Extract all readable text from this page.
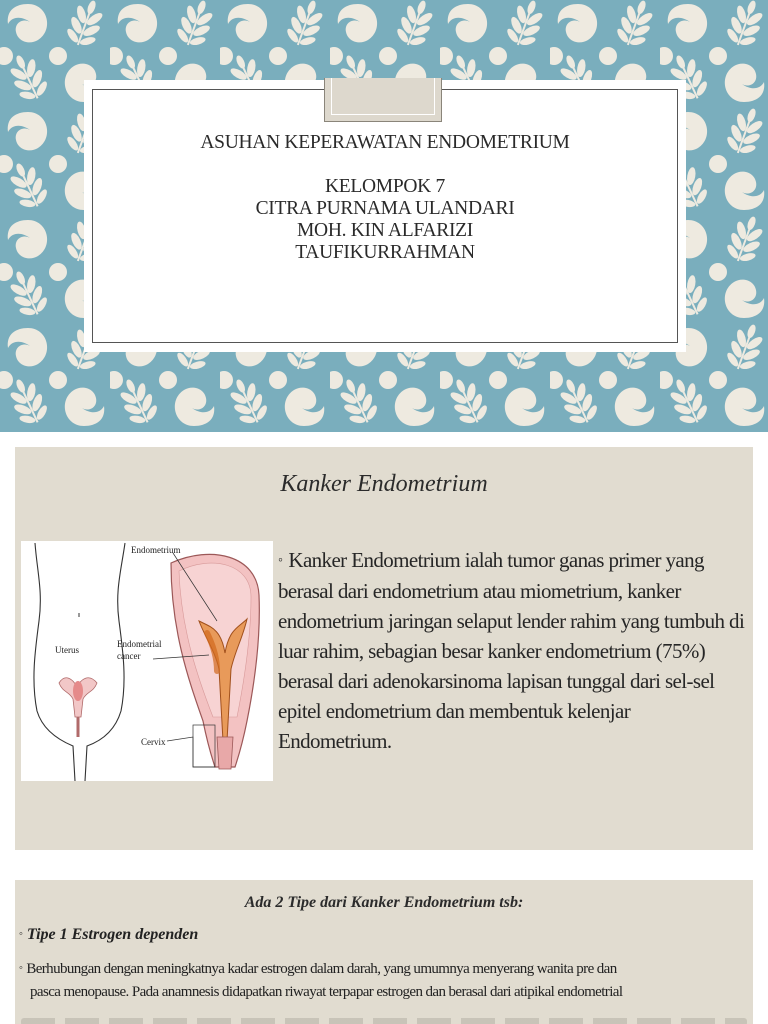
ASUHAN KEPERAWATAN ENDOMETRIUM
KELOMPOK 7
CITRA PURNAMA ULANDARI
MOH. KIN ALFARIZI
TAUFIKURRAHMAN
Kanker Endometrium
Endometrium
Uterus
Endometrial
cancer
Cervix
◦ Kanker Endometrium ialah tumor ganas primer yang berasal dari endometrium atau miometrium, kanker endometrium jaringan selaput lender rahim yang tumbuh di luar rahim, sebagian besar kanker endometrium (75%) berasal dari adenokarsinoma lapisan tunggal dari sel-sel epitel endometrium dan membentuk kelenjar Endometrium.
Ada 2 Tipe dari Kanker Endometrium tsb:
◦ Tipe 1 Estrogen dependen
◦ Berhubungan dengan meningkatnya kadar estrogen dalam darah, yang umumnya menyerang wanita pre dan
pasca menopause. Pada anamnesis didapatkan riwayat terpapar estrogen dan berasal dari atipikal endometrial
